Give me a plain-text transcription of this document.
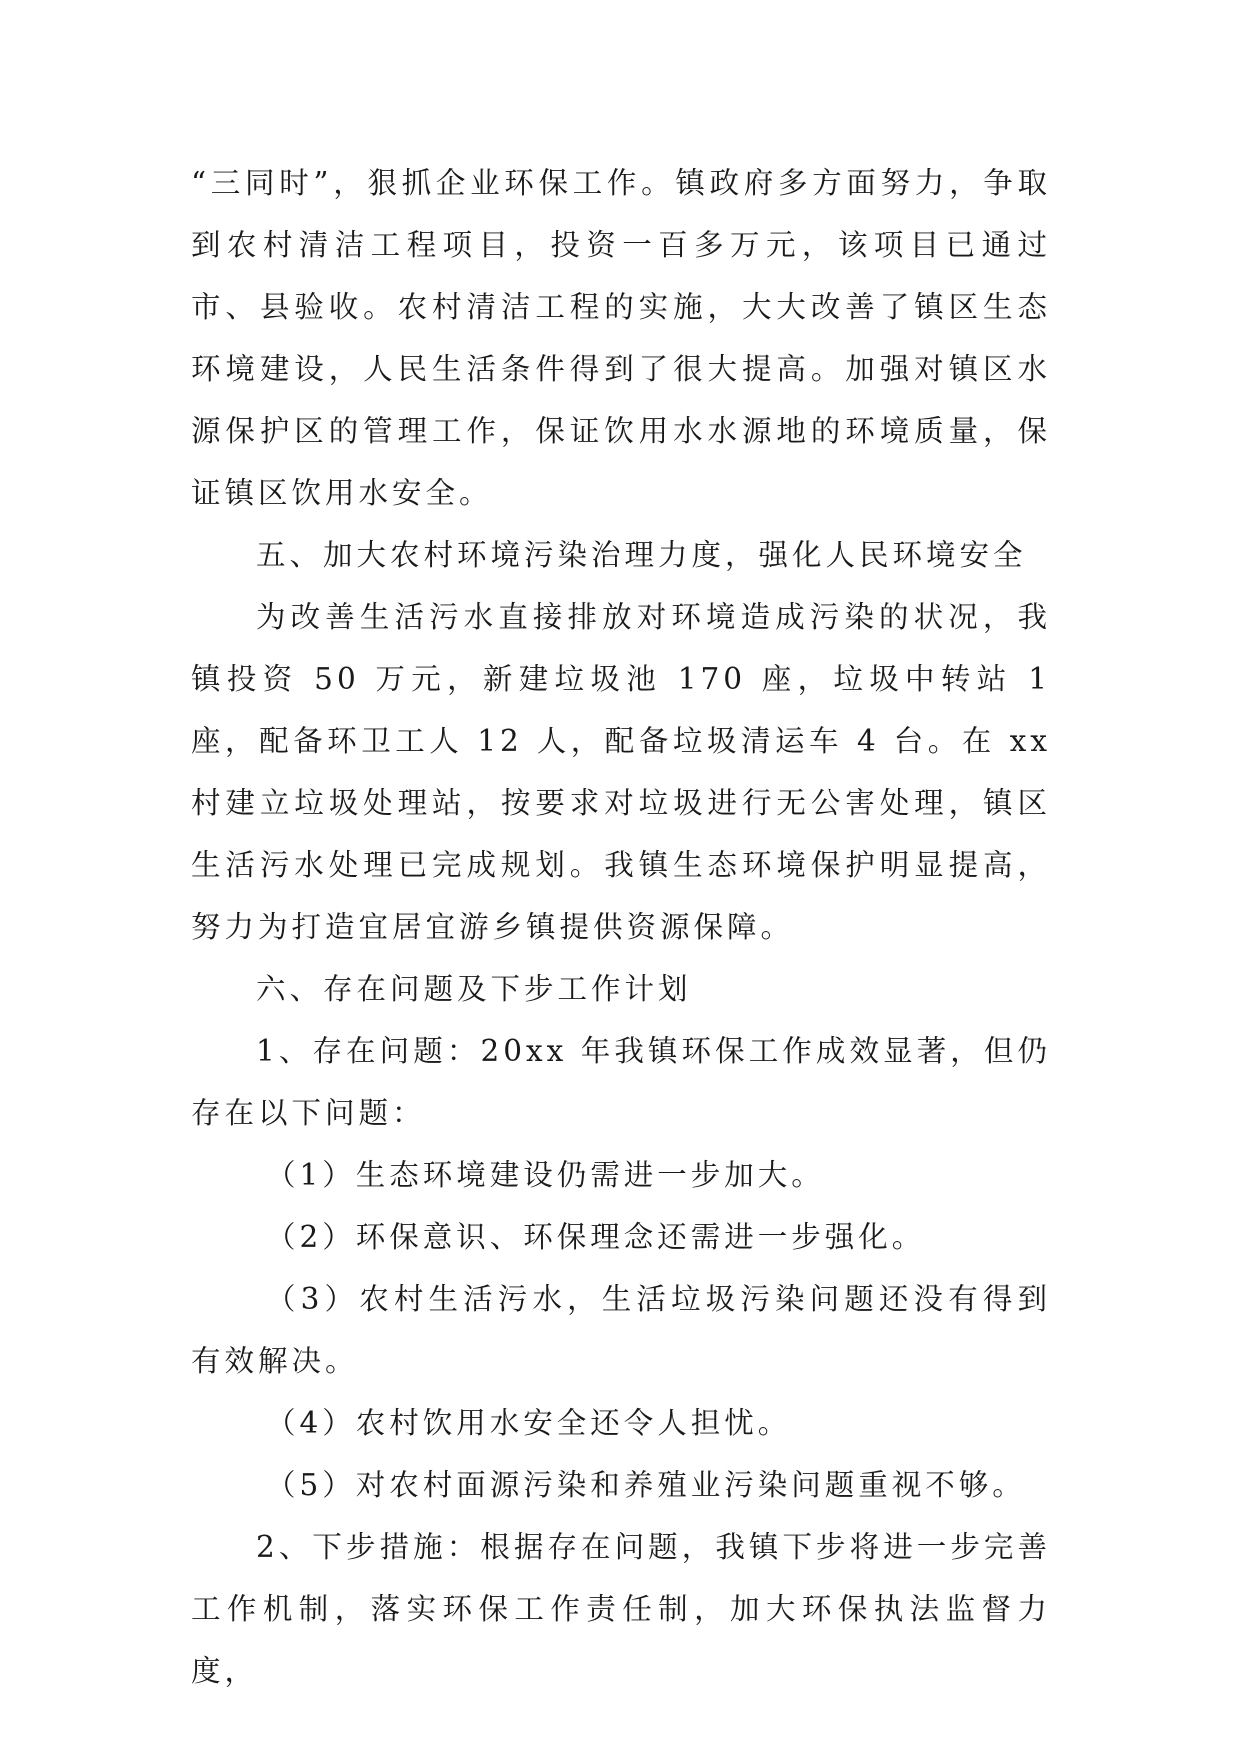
“三同时”，狠抓企业环保工作。镇政府多方面努力，争取到农村清洁工程项目，投资一百多万元，该项目已通过市、县验收。农村清洁工程的实施，大大改善了镇区生态环境建设，人民生活条件得到了很大提高。加强对镇区水源保护区的管理工作，保证饮用水水源地的环境质量，保证镇区饮用水安全。

五、加大农村环境污染治理力度，强化人民环境安全

为改善生活污水直接排放对环境造成污染的状况，我镇投资 50 万元，新建垃圾池 170 座，垃圾中转站 1 座，配备环卫工人 12 人，配备垃圾清运车 4 台。在 xx 村建立垃圾处理站，按要求对垃圾进行无公害处理，镇区生活污水处理已完成规划。我镇生态环境保护明显提高，努力为打造宜居宜游乡镇提供资源保障。

六、存在问题及下步工作计划

1、存在问题：20xx 年我镇环保工作成效显著，但仍存在以下问题：

（1）生态环境建设仍需进一步加大。

（2）环保意识、环保理念还需进一步强化。

（3）农村生活污水，生活垃圾污染问题还没有得到有效解决。

（4）农村饮用水安全还令人担忧。

（5）对农村面源污染和养殖业污染问题重视不够。

2、下步措施：根据存在问题，我镇下步将进一步完善工作机制，落实环保工作责任制，加大环保执法监督力度，
